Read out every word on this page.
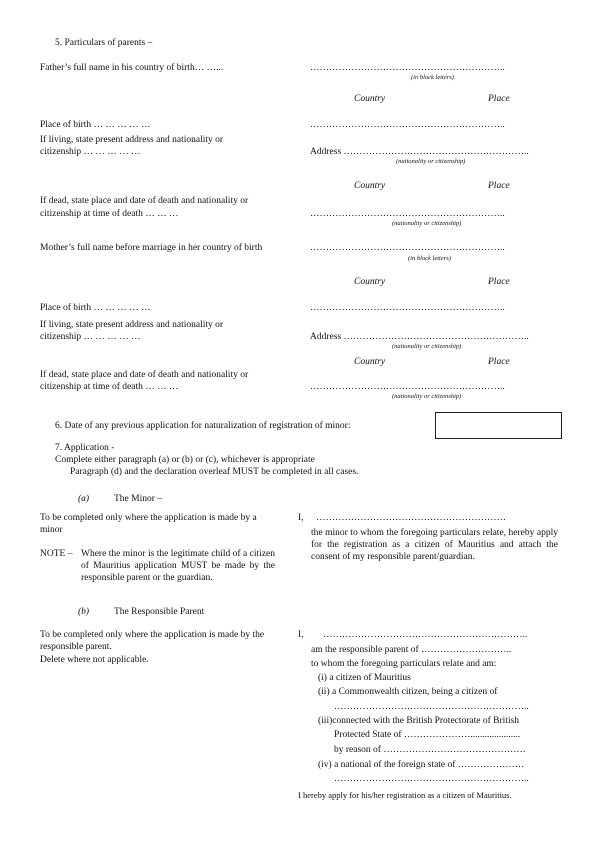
5. Particulars of parents –
Father’s full name in his country of birth… …...	……………………………………………………..
(in block letters)
Country	Place
Place of birth … … … … …	……………………………………………………..
If living, state present address and nationality or
citizenship … … … … …	Address …………………………………………………..
(nationality or citizenship)
Country	Place
If dead, state place and date of death and nationality or
citizenship at time of death … … …	……………………………………………………..
(nationality or citizenship)
Mother’s full name before marriage in her country of birth	……………………………………………………..
(in block letters)
Country	Place
Place of birth … … … … …	……………………………………………………..
If living, state present address and nationality or
citizenship … … … … …	Address …………………………………………………..
(nationality or citizenship)
Country	Place
If dead, state place and date of death and nationality or
citizenship at time of death … … …	……………………………………………………..
(nationality or citizenship)
6. Date of any previous application for naturalization of registration of minor:
7. Application -
Complete either paragraph (a) or (b) or (c), whichever is appropriate
Paragraph (d) and the declaration overleaf MUST be completed in all cases.
(a)	The Minor –
To be completed only where the application is made by a minor
NOTE – Where the minor is the legitimate child of a citizen of Mauritius application MUST be made by the responsible parent or the guardian.
I, ……………………………………………………
the minor to whom the foregoing particulars relate, hereby apply for the registration as a citizen of Mauritius and attach the consent of my responsible parent/guardian.
(b)	The Responsible Parent
To be completed only where the application is made by the responsible parent.
Delete where not applicable.
I, ………………………………………………………..
am the responsible parent of ………………………..
to whom the foregoing particulars relate and am:
(i) a citizen of Mauritius
(ii) a Commonwealth citizen, being a citizen of
……………………………………………………..
(iii)connected with the British Protectorate of British
Protected State of ………………….....................
by reason of ………………………………………
(iv) a national of the foreign state of …………………
……………………………………………………..
I hereby apply for his/her registration as a citizen of Mauritius.
